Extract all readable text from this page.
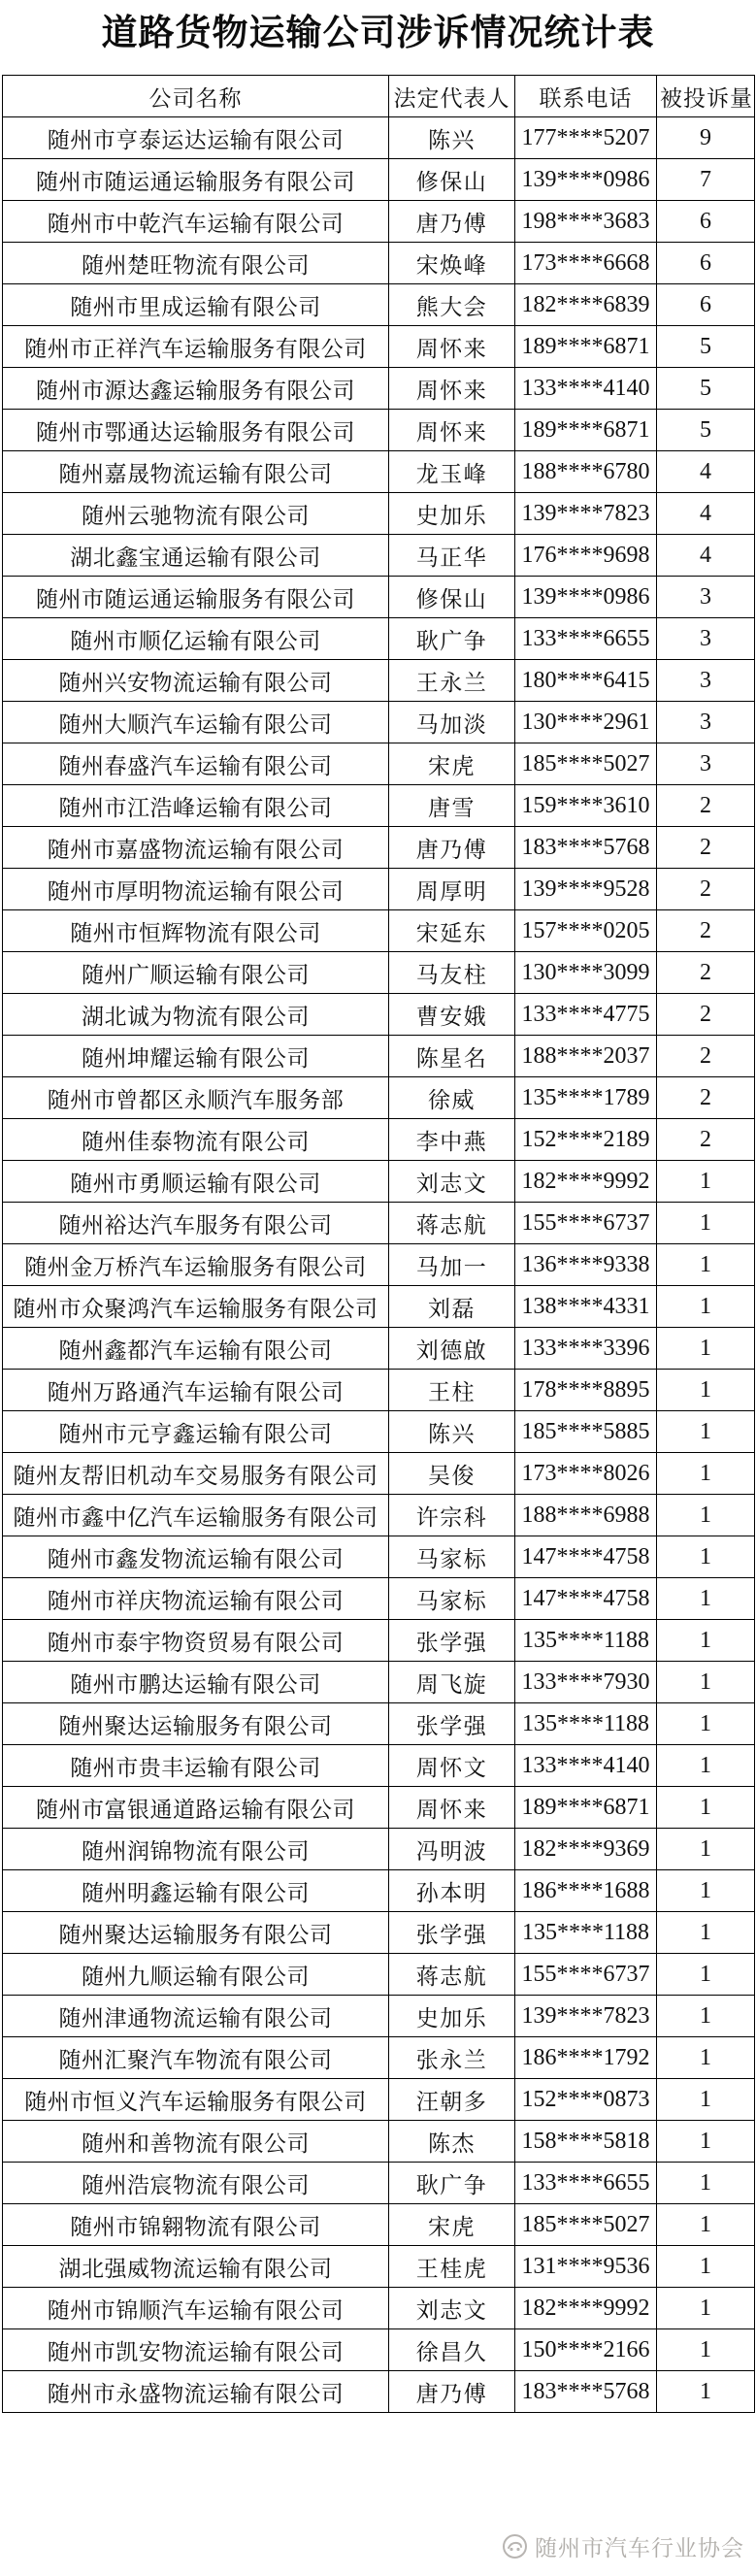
道路货物运输公司涉诉情况统计表
公司名称	法定代表人	联系电话	被投诉量
随州市亨泰运达运输有限公司	陈兴	177****5207	9
随州市随运通运输服务有限公司	修保山	139****0986	7
随州市中乾汽车运输有限公司	唐乃傅	198****3683	6
随州楚旺物流有限公司	宋焕峰	173****6668	6
随州市里成运输有限公司	熊大会	182****6839	6
随州市正祥汽车运输服务有限公司	周怀来	189****6871	5
随州市源达鑫运输服务有限公司	周怀来	133****4140	5
随州市鄂通达运输服务有限公司	周怀来	189****6871	5
随州嘉晟物流运输有限公司	龙玉峰	188****6780	4
随州云驰物流有限公司	史加乐	139****7823	4
湖北鑫宝通运输有限公司	马正华	176****9698	4
随州市随运通运输服务有限公司	修保山	139****0986	3
随州市顺亿运输有限公司	耿广争	133****6655	3
随州兴安物流运输有限公司	王永兰	180****6415	3
随州大顺汽车运输有限公司	马加淡	130****2961	3
随州春盛汽车运输有限公司	宋虎	185****5027	3
随州市江浩峰运输有限公司	唐雪	159****3610	2
随州市嘉盛物流运输有限公司	唐乃傅	183****5768	2
随州市厚明物流运输有限公司	周厚明	139****9528	2
随州市恒辉物流有限公司	宋延东	157****0205	2
随州广顺运输有限公司	马友柱	130****3099	2
湖北诚为物流有限公司	曹安娥	133****4775	2
随州坤耀运输有限公司	陈星名	188****2037	2
随州市曾都区永顺汽车服务部	徐威	135****1789	2
随州佳泰物流有限公司	李中燕	152****2189	2
随州市勇顺运输有限公司	刘志文	182****9992	1
随州裕达汽车服务有限公司	蒋志航	155****6737	1
随州金万桥汽车运输服务有限公司	马加一	136****9338	1
随州市众聚鸿汽车运输服务有限公司	刘磊	138****4331	1
随州鑫都汽车运输有限公司	刘德啟	133****3396	1
随州万路通汽车运输有限公司	王柱	178****8895	1
随州市元亨鑫运输有限公司	陈兴	185****5885	1
随州友帮旧机动车交易服务有限公司	吴俊	173****8026	1
随州市鑫中亿汽车运输服务有限公司	许宗科	188****6988	1
随州市鑫发物流运输有限公司	马家标	147****4758	1
随州市祥庆物流运输有限公司	马家标	147****4758	1
随州市泰宇物资贸易有限公司	张学强	135****1188	1
随州市鹏达运输有限公司	周飞旋	133****7930	1
随州聚达运输服务有限公司	张学强	135****1188	1
随州市贵丰运输有限公司	周怀文	133****4140	1
随州市富银通道路运输有限公司	周怀来	189****6871	1
随州润锦物流有限公司	冯明波	182****9369	1
随州明鑫运输有限公司	孙本明	186****1688	1
随州聚达运输服务有限公司	张学强	135****1188	1
随州九顺运输有限公司	蒋志航	155****6737	1
随州津通物流运输有限公司	史加乐	139****7823	1
随州汇聚汽车物流有限公司	张永兰	186****1792	1
随州市恒义汽车运输服务有限公司	汪朝多	152****0873	1
随州和善物流有限公司	陈杰	158****5818	1
随州浩宸物流有限公司	耿广争	133****6655	1
随州市锦翱物流有限公司	宋虎	185****5027	1
湖北强威物流运输有限公司	王桂虎	131****9536	1
随州市锦顺汽车运输有限公司	刘志文	182****9992	1
随州市凯安物流运输有限公司	徐昌久	150****2166	1
随州市永盛物流运输有限公司	唐乃傅	183****5768	1
随州市汽车行业协会
